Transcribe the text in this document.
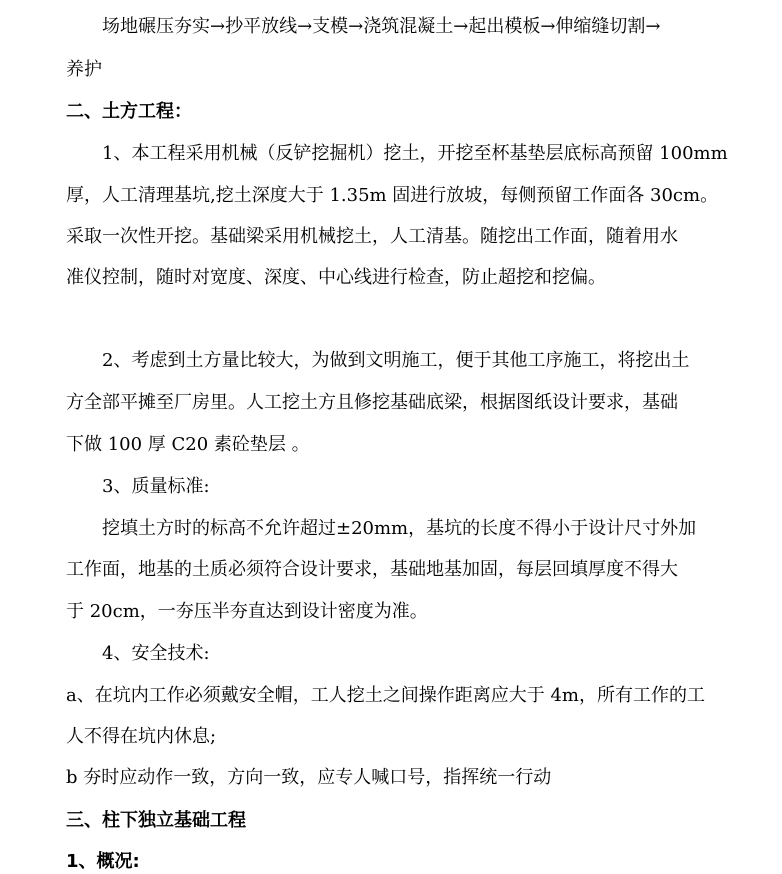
场地碾压夯实→抄平放线→支模→浇筑混凝土→起出模板→伸缩缝切割→
养护
二、土方工程：
1、本工程采用机械（反铲挖掘机）挖土，开挖至杯基垫层底标高预留 100mm
厚，人工清理基坑,挖土深度大于 1.35m 固进行放坡，每侧预留工作面各 30cm。
采取一次性开挖。基础梁采用机械挖土，人工清基。随挖出工作面，随着用水
准仪控制，随时对宽度、深度、中心线进行检查，防止超挖和挖偏。
2、考虑到土方量比较大，为做到文明施工，便于其他工序施工，将挖出土
方全部平摊至厂房里。人工挖土方且修挖基础底梁，根据图纸设计要求，基础
下做 100 厚 C20 素砼垫层 。
3、质量标准:
挖填土方时的标高不允许超过±20mm，基坑的长度不得小于设计尺寸外加
工作面，地基的土质必须符合设计要求，基础地基加固，每层回填厚度不得大
于 20cm，一夯压半夯直达到设计密度为准。
4、安全技术:
a、在坑内工作必须戴安全帽，工人挖土之间操作距离应大于 4m，所有工作的工
人不得在坑内休息;
b 夯时应动作一致，方向一致，应专人喊口号，指挥统一行动
三、柱下独立基础工程
1、概况:
